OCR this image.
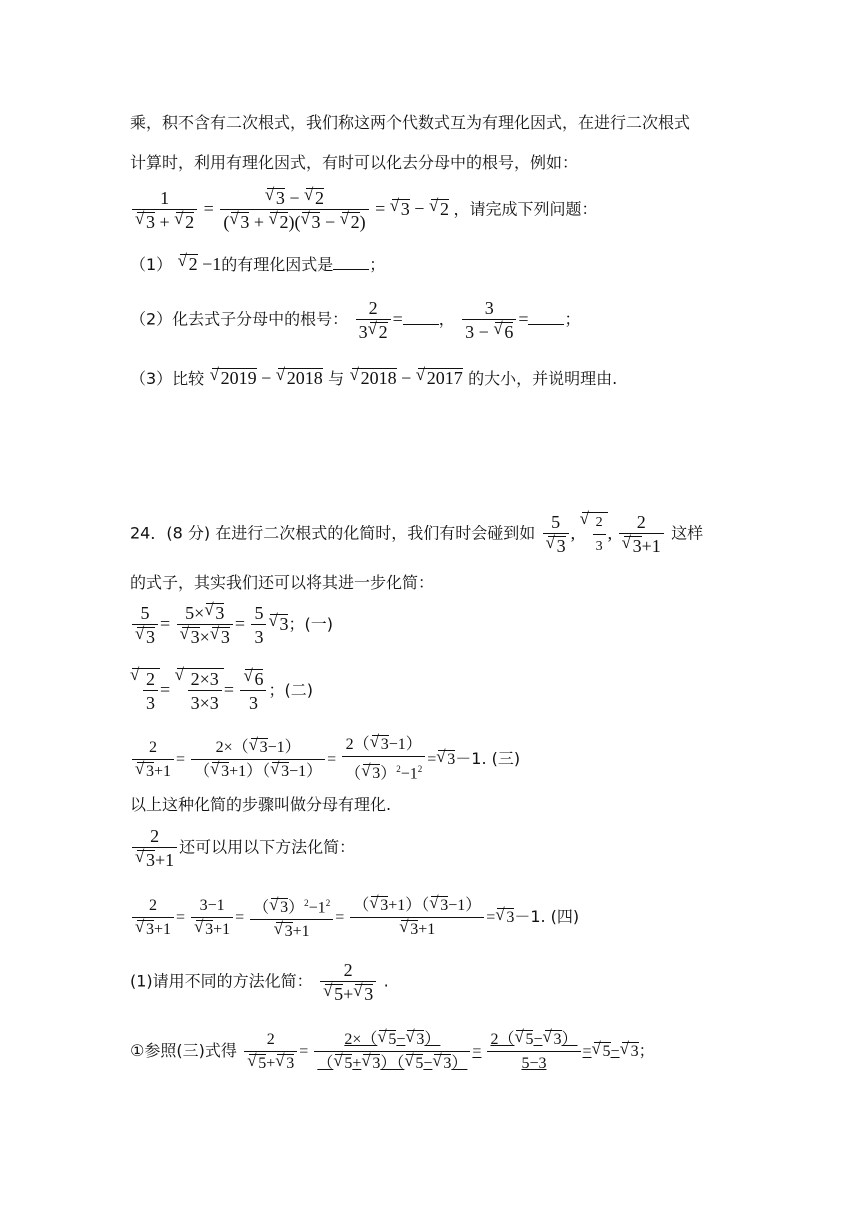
乘，积不含有二次根式，我们称这两个代数式互为有理化因式，在进行二次根式
计算时，利用有理化因式，有时可以化去分母中的根号，例如：
1
√ 3 + √ 2 = √ $\frac{3 - √ 2}{( √ 3 + √ 2)( √ 3 - √ 2)}$ = √ 3 − √ 2 ，请完成下列问题：
（1） √ 2 −1的有理化因式是 ；
（2）化去式子分母中的根号： $\frac{2}{3 √ 2}$ = ， $\frac{3}{3 - √ 6}$ = ；
（3）比较 √ 2019 − √ 2018 与 √ 2018 − √ 2017 的大小，并说明理由.
24．(8 分) 在进行二次根式的化简时，我们有时会碰到如 5
√ 3 , √ $\frac{2}{3}$ , 2
√ 3+1 这样
的式子，其实我们还可以将其进一步化简：
5
√ 3 = 5× √ 3
√ 3× √ $3 = \frac{5}{3}$ √ 3；(一)
√ $\frac{2}{3}$ = √ $\frac{2\times 3}{3\times 3}$ = √ $\frac{6}{3}$ ；(二)
2
√ $3+1 = \frac{2\times( √ 3-1)}{( √ 3+1)( √ 3-1)} = \frac{2( √ 3-1)}{( √ 3)^2-1^2}$ = √ 3－1. (三)
以上这种化简的步骤叫做分母有理化.
2
√ 3+1 还可以用以下方法化简：
2
√ 3+1 = 3−1
√ 3+1 = （ √ $3)^2-1^2$
√ 3+1 = （ √ 3+1）（ √ 3−1）
√ 3+1 = √ 3－1. (四)
(1)请用不同的方法化简： 2
√ 5+ √ 3 .
①参照(三)式得 2
√ 5+ √ $3 = \frac{2\times( √ 5- √ 3)}{( √ 5+ √ 3)( √ 5- √ 3)} = \frac{2( √ 5- √ 3)}{5-3}$ = √ 5− √ 3；
